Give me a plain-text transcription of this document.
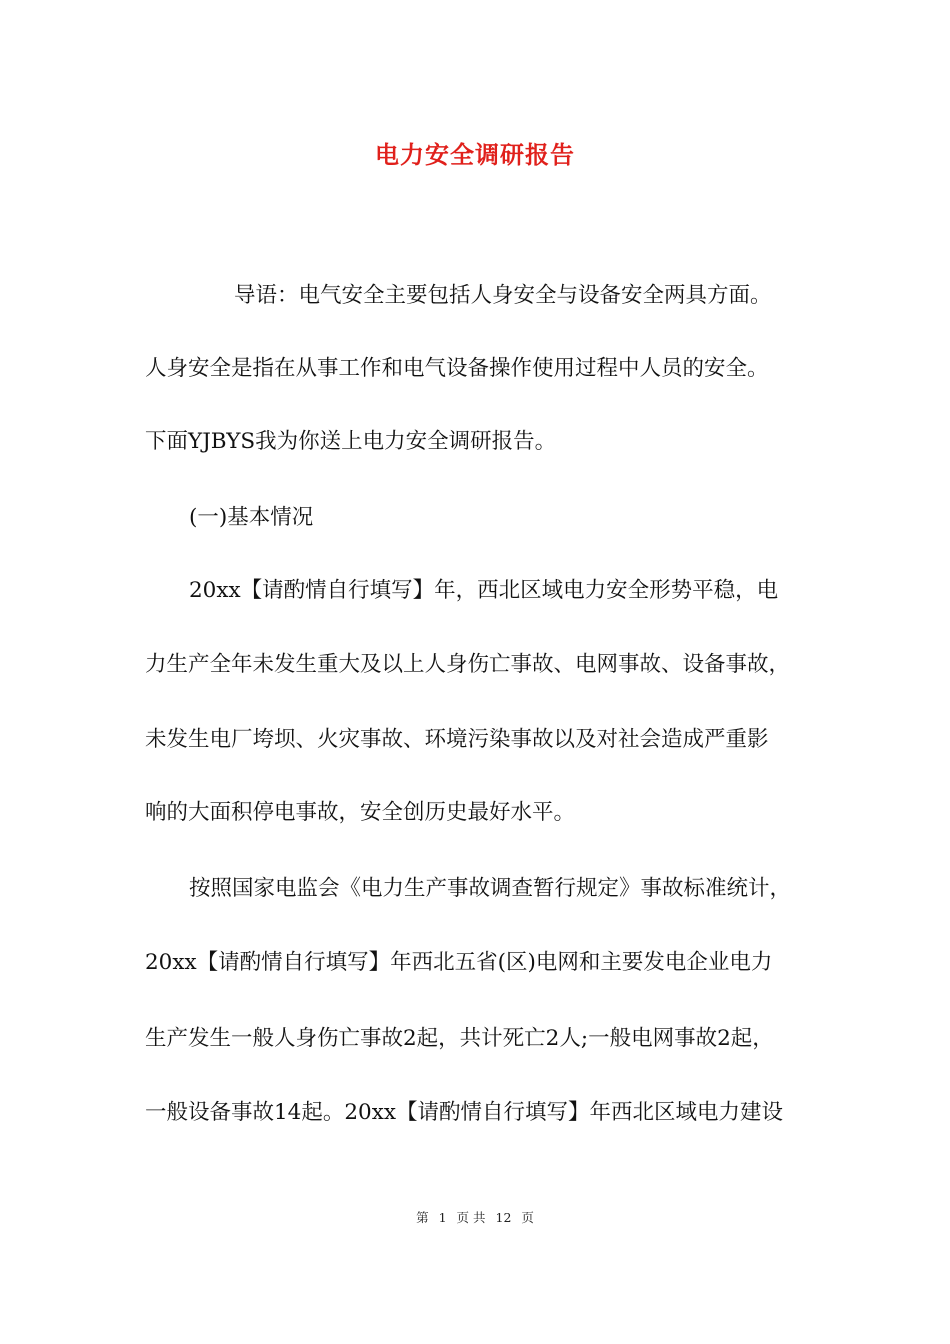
电力安全调研报告
导语：电气安全主要包括人身安全与设备安全两具方面。
人身安全是指在从事工作和电气设备操作使用过程中人员的安全。
下面YJBYS我为你送上电力安全调研报告。
(一)基本情况
20xx【请酌情自行填写】年，西北区域电力安全形势平稳，电
力生产全年未发生重大及以上人身伤亡事故、电网事故、设备事故，
未发生电厂垮坝、火灾事故、环境污染事故以及对社会造成严重影
响的大面积停电事故，安全创历史最好水平。
按照国家电监会《电力生产事故调查暂行规定》事故标准统计，
20xx【请酌情自行填写】年西北五省(区)电网和主要发电企业电力
生产发生一般人身伤亡事故2起，共计死亡2人;一般电网事故2起，
一般设备事故14起。20xx【请酌情自行填写】年西北区域电力建设
第 1 页 共 12 页
